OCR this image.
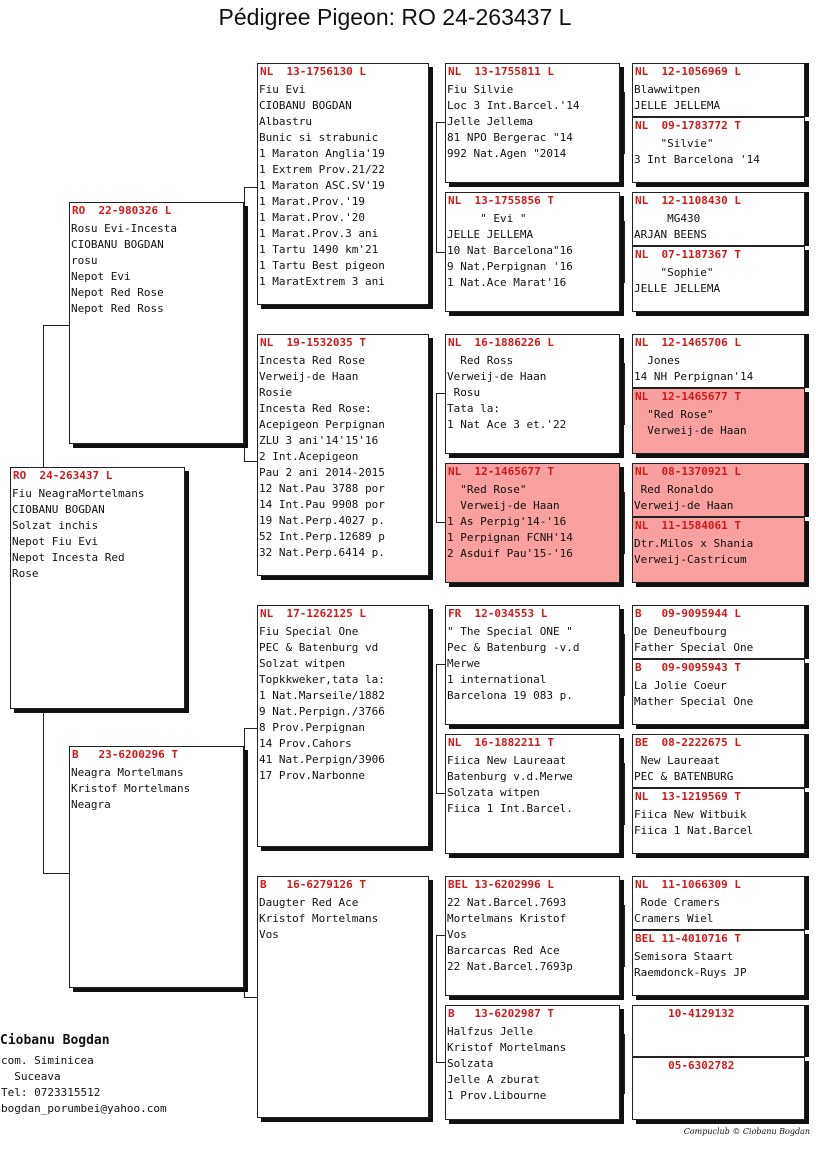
Pédigree Pigeon: RO 24-263437 L
RO  24-263437 L
Fiu NeagraMortelmans
CIOBANU BOGDAN
Solzat inchis
Nepot Fiu Evi
Nepot Incesta Red
Rose
RO  22-980326 L
Rosu Evi-Incesta
CIOBANU BOGDAN
rosu
Nepot Evi
Nepot Red Rose
Nepot Red Ross
B   23-6200296 T
Neagra Mortelmans
Kristof Mortelmans
Neagra
NL  13-1756130 L
Fiu Evi
CIOBANU BOGDAN
Albastru
Bunic si strabunic
1 Maraton Anglia'19
1 Extrem Prov.21/22
1 Maraton ASC.SV'19
1 Marat.Prov.'19
1 Marat.Prov.'20
1 Marat.Prov.3 ani
1 Tartu 1490 km'21
1 Tartu Best pigeon
1 MaratExtrem 3 ani
NL  19-1532035 T
Incesta Red Rose
Verweij-de Haan
Rosie
Incesta Red Rose:
Acepigeon Perpignan
ZLU 3 ani'14'15'16
2 Int.Acepigeon
Pau 2 ani 2014-2015
12 Nat.Pau 3788 por
14 Int.Pau 9908 por
19 Nat.Perp.4027 p.
52 Int.Perp.12689 p
32 Nat.Perp.6414 p.
NL  17-1262125 L
Fiu Special One
PEC & Batenburg vd
Solzat witpen
Topkkweker,tata la:
1 Nat.Marseile/1882
9 Nat.Perpign./3766
8 Prov.Perpignan
14 Prov.Cahors
41 Nat.Perpign/3906
17 Prov.Narbonne
B   16-6279126 T
Daugter Red Ace
Kristof Mortelmans
Vos
NL  13-1755811 L
Fiu Silvie
Loc 3 Int.Barcel.'14
Jelle Jellema
81 NPO Bergerac "14
992 Nat.Agen "2014
NL  13-1755856 T
" Evi "
JELLE JELLEMA
10 Nat Barcelona"16
9 Nat.Perpignan '16
1 Nat.Ace Marat'16
NL  16-1886226 L
Red Ross
Verweij-de Haan
Rosu
Tata la:
1 Nat Ace 3 et.'22
NL  12-1465677 T
"Red Rose"
Verweij-de Haan
1 As Perpig'14-'16
1 Perpignan FCNH'14
2 Asduif Pau'15-'16
FR  12-034553 L
" The Special ONE "
Pec & Batenburg -v.d
Merwe
1 international
Barcelona 19 083 p.
NL  16-1882211 T
Fiica New Laureaat
Batenburg v.d.Merwe
Solzata witpen
Fiica 1 Int.Barcel.
BEL 13-6202996 L
22 Nat.Barcel.7693
Mortelmans Kristof
Vos
Barcarcas Red Ace
22 Nat.Barcel.7693p
B   13-6202987 T
Halfzus Jelle
Kristof Mortelmans
Solzata
Jelle A zburat
1 Prov.Libourne
NL  12-1056969 L
Blawwitpen
JELLE JELLEMA
NL  09-1783772 T
"Silvie"
3 Int Barcelona '14
NL  12-1108430 L
MG430
ARJAN BEENS
NL  07-1187367 T
"Sophie"
JELLE JELLEMA
NL  12-1465706 L
Jones
14 NH Perpignan'14
NL  12-1465677 T
"Red Rose"
Verweij-de Haan
NL  08-1370921 L
Red Ronaldo
Verweij-de Haan
NL  11-1584061 T
Dtr.Milos x Shania
Verweij-Castricum
B   09-9095944 L
De Deneufbourg
Father Special One
B   09-9095943 T
La Jolie Coeur
Mather Special One
BE  08-2222675 L
New Laureaat
PEC & BATENBURG
NL  13-1219569 T
Fiica New Witbuik
Fiica 1 Nat.Barcel
NL  11-1066309 L
Rode Cramers
Cramers Wiel
BEL 11-4010716 T
Semisora Staart
Raemdonck-Ruys JP
10-4129132
05-6302782
Ciobanu Bogdan
com. Siminicea
Suceava
Tel: 0723315512
bogdan_porumbei@yahoo.com
Compuclub © Ciobanu Bogdan
